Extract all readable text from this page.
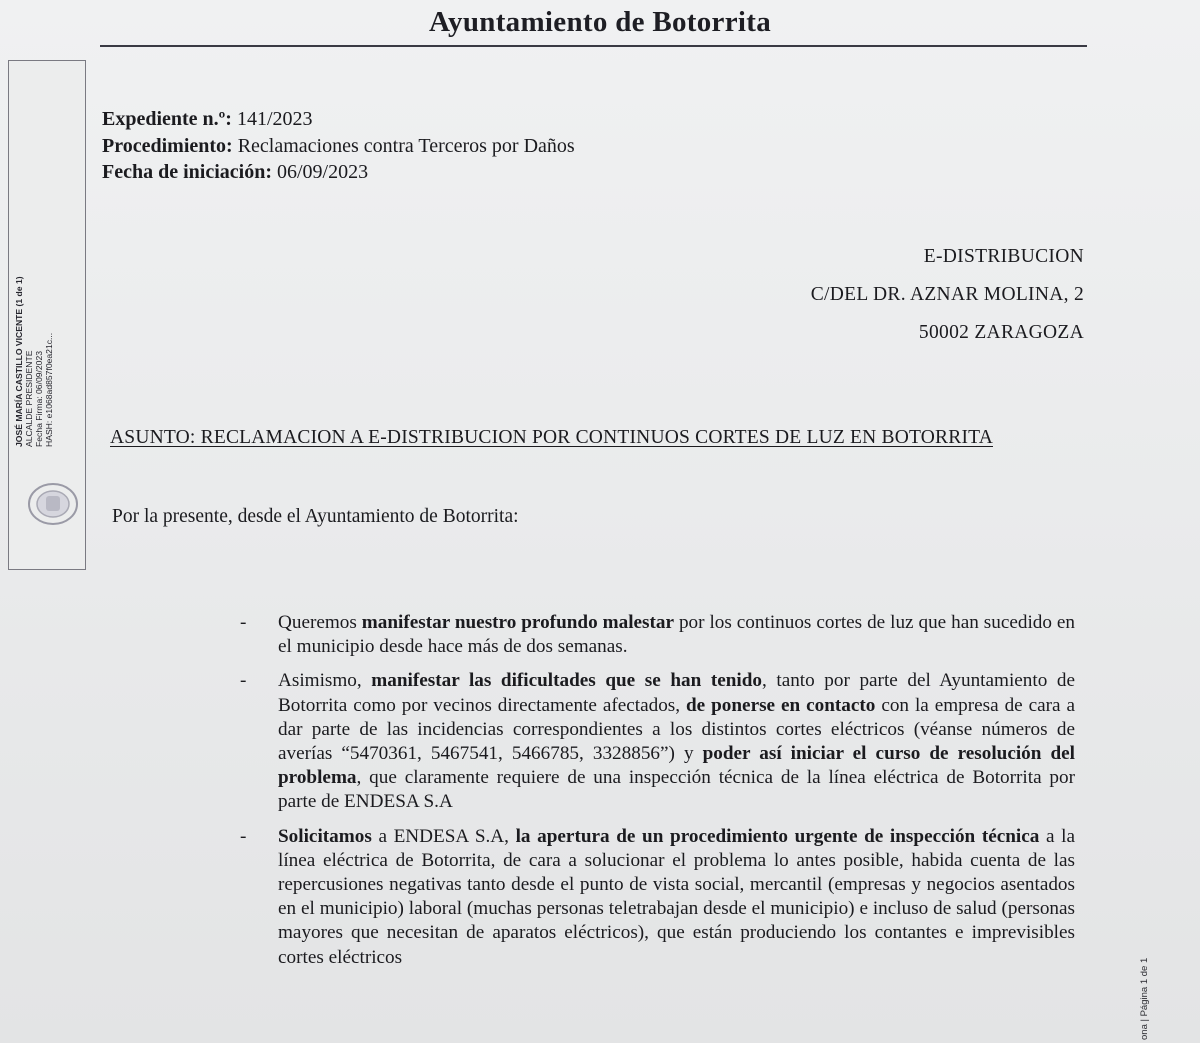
Ayuntamiento de Botorrita
JOSÉ MARÍA CASTILLO VICENTE (1 de 1) ALCALDE PRESIDENTE Fecha Firma: 06/09/2023 HASH: e1068ad857f0ea21c...
Expediente n.º: 141/2023
Procedimiento: Reclamaciones contra Terceros por Daños
Fecha de iniciación: 06/09/2023
E-DISTRIBUCION
C/DEL DR. AZNAR MOLINA, 2
50002 ZARAGOZA
ASUNTO: RECLAMACION A E-DISTRIBUCION POR CONTINUOS CORTES DE LUZ EN BOTORRITA
Por la presente, desde el Ayuntamiento de Botorrita:
- Queremos manifestar nuestro profundo malestar por los continuos cortes de luz que han sucedido en el municipio desde hace más de dos semanas.
- Asimismo, manifestar las dificultades que se han tenido, tanto por parte del Ayuntamiento de Botorrita como por vecinos directamente afectados, de ponerse en contacto con la empresa de cara a dar parte de las incidencias correspondientes a los distintos cortes eléctricos (véanse números de averías “5470361, 5467541, 5466785, 3328856”) y poder así iniciar el curso de resolución del problema, que claramente requiere de una inspección técnica de la línea eléctrica de Botorrita por parte de ENDESA S.A
- Solicitamos a ENDESA S.A, la apertura de un procedimiento urgente de inspección técnica a la línea eléctrica de Botorrita, de cara a solucionar el problema lo antes posible, habida cuenta de las repercusiones negativas tanto desde el punto de vista social, mercantil (empresas y negocios asentados en el municipio) laboral (muchas personas teletrabajan desde el municipio) e incluso de salud (personas mayores que necesitan de aparatos eléctricos), que están produciendo los contantes e imprevisibles cortes eléctricos
ona | Página 1 de 1
